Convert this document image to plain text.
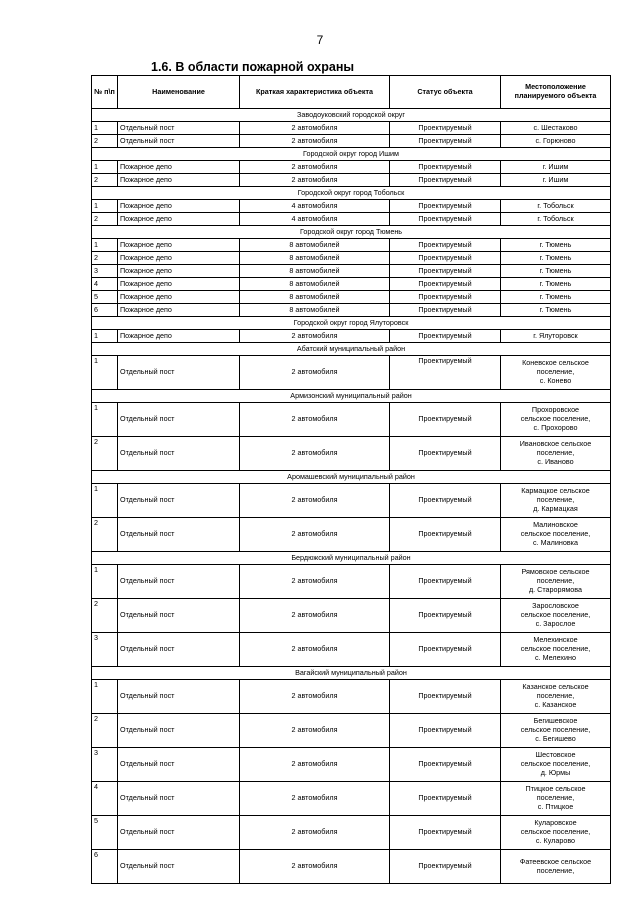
7
1.6. В области пожарной охраны
№ п\п	Наименование	Краткая характеристика объекта	Статус объекта	Местоположение планируемого объекта
Заводоуковский городской округ				
1	Отдельный пост	2 автомобиля	Проектируемый	с. Шестаково
2	Отдельный пост	2 автомобиля	Проектируемый	с. Горюново
Городской округ город Ишим				
1	Пожарное депо	2 автомобиля	Проектируемый	г. Ишим
2	Пожарное депо	2 автомобиля	Проектируемый	г. Ишим
Городской округ город Тобольск				
1	Пожарное депо	4 автомобиля	Проектируемый	г. Тобольск
2	Пожарное депо	4 автомобиля	Проектируемый	г. Тобольск
Городской округ город Тюмень				
1	Пожарное депо	8 автомобилей	Проектируемый	г. Тюмень
2	Пожарное депо	8 автомобилей	Проектируемый	г. Тюмень
3	Пожарное депо	8 автомобилей	Проектируемый	г. Тюмень
4	Пожарное депо	8 автомобилей	Проектируемый	г. Тюмень
5	Пожарное депо	8 автомобилей	Проектируемый	г. Тюмень
6	Пожарное депо	8 автомобилей	Проектируемый	г. Тюмень
Городской округ город Ялуторовск				
1	Пожарное депо	2 автомобиля	Проектируемый	г. Ялуторовск
Абатский муниципальный район				
1	Отдельный пост	2 автомобиля	Проектируемый	Коневское сельское
поселение,
с. Конево

Армизонский муниципальный район				
1	Отдельный пост	2 автомобиля	Проектируемый	Прохоровское
сельское поселение,
с. Прохорово

2	Отдельный пост	2 автомобиля	Проектируемый	Ивановское сельское
поселение,
с. Иваново

Аромашевский муниципальный район				
1	Отдельный пост	2 автомобиля	Проектируемый	Кармацкое сельское
поселение,
д. Кармацкая

2	Отдельный пост	2 автомобиля	Проектируемый	Малиновское
сельское поселение,
с. Малиновка

Бердюжский муниципальный район				
1	Отдельный пост	2 автомобиля	Проектируемый	Рямовское сельское
поселение,
д. Старорямова

2	Отдельный пост	2 автомобиля	Проектируемый	Зарословское
сельское поселение,
с. Зарослое

3	Отдельный пост	2 автомобиля	Проектируемый	Мелехинское
сельское поселение,
с. Мелехино

Вагайский муниципальный район				
1	Отдельный пост	2 автомобиля	Проектируемый	Казанское сельское
поселение,
с. Казанское

2	Отдельный пост	2 автомобиля	Проектируемый	Бегишевское
сельское поселение,
с. Бегишево

3	Отдельный пост	2 автомобиля	Проектируемый	Шестовское
сельское поселение,
д. Юрмы

4	Отдельный пост	2 автомобиля	Проектируемый	Птицкое сельское
поселение,
с. Птицкое

5	Отдельный пост	2 автомобиля	Проектируемый	Куларовское
сельское поселение,
с. Куларово

6	Отдельный пост	2 автомобиля	Проектируемый	Фатеевское сельское
поселение,
